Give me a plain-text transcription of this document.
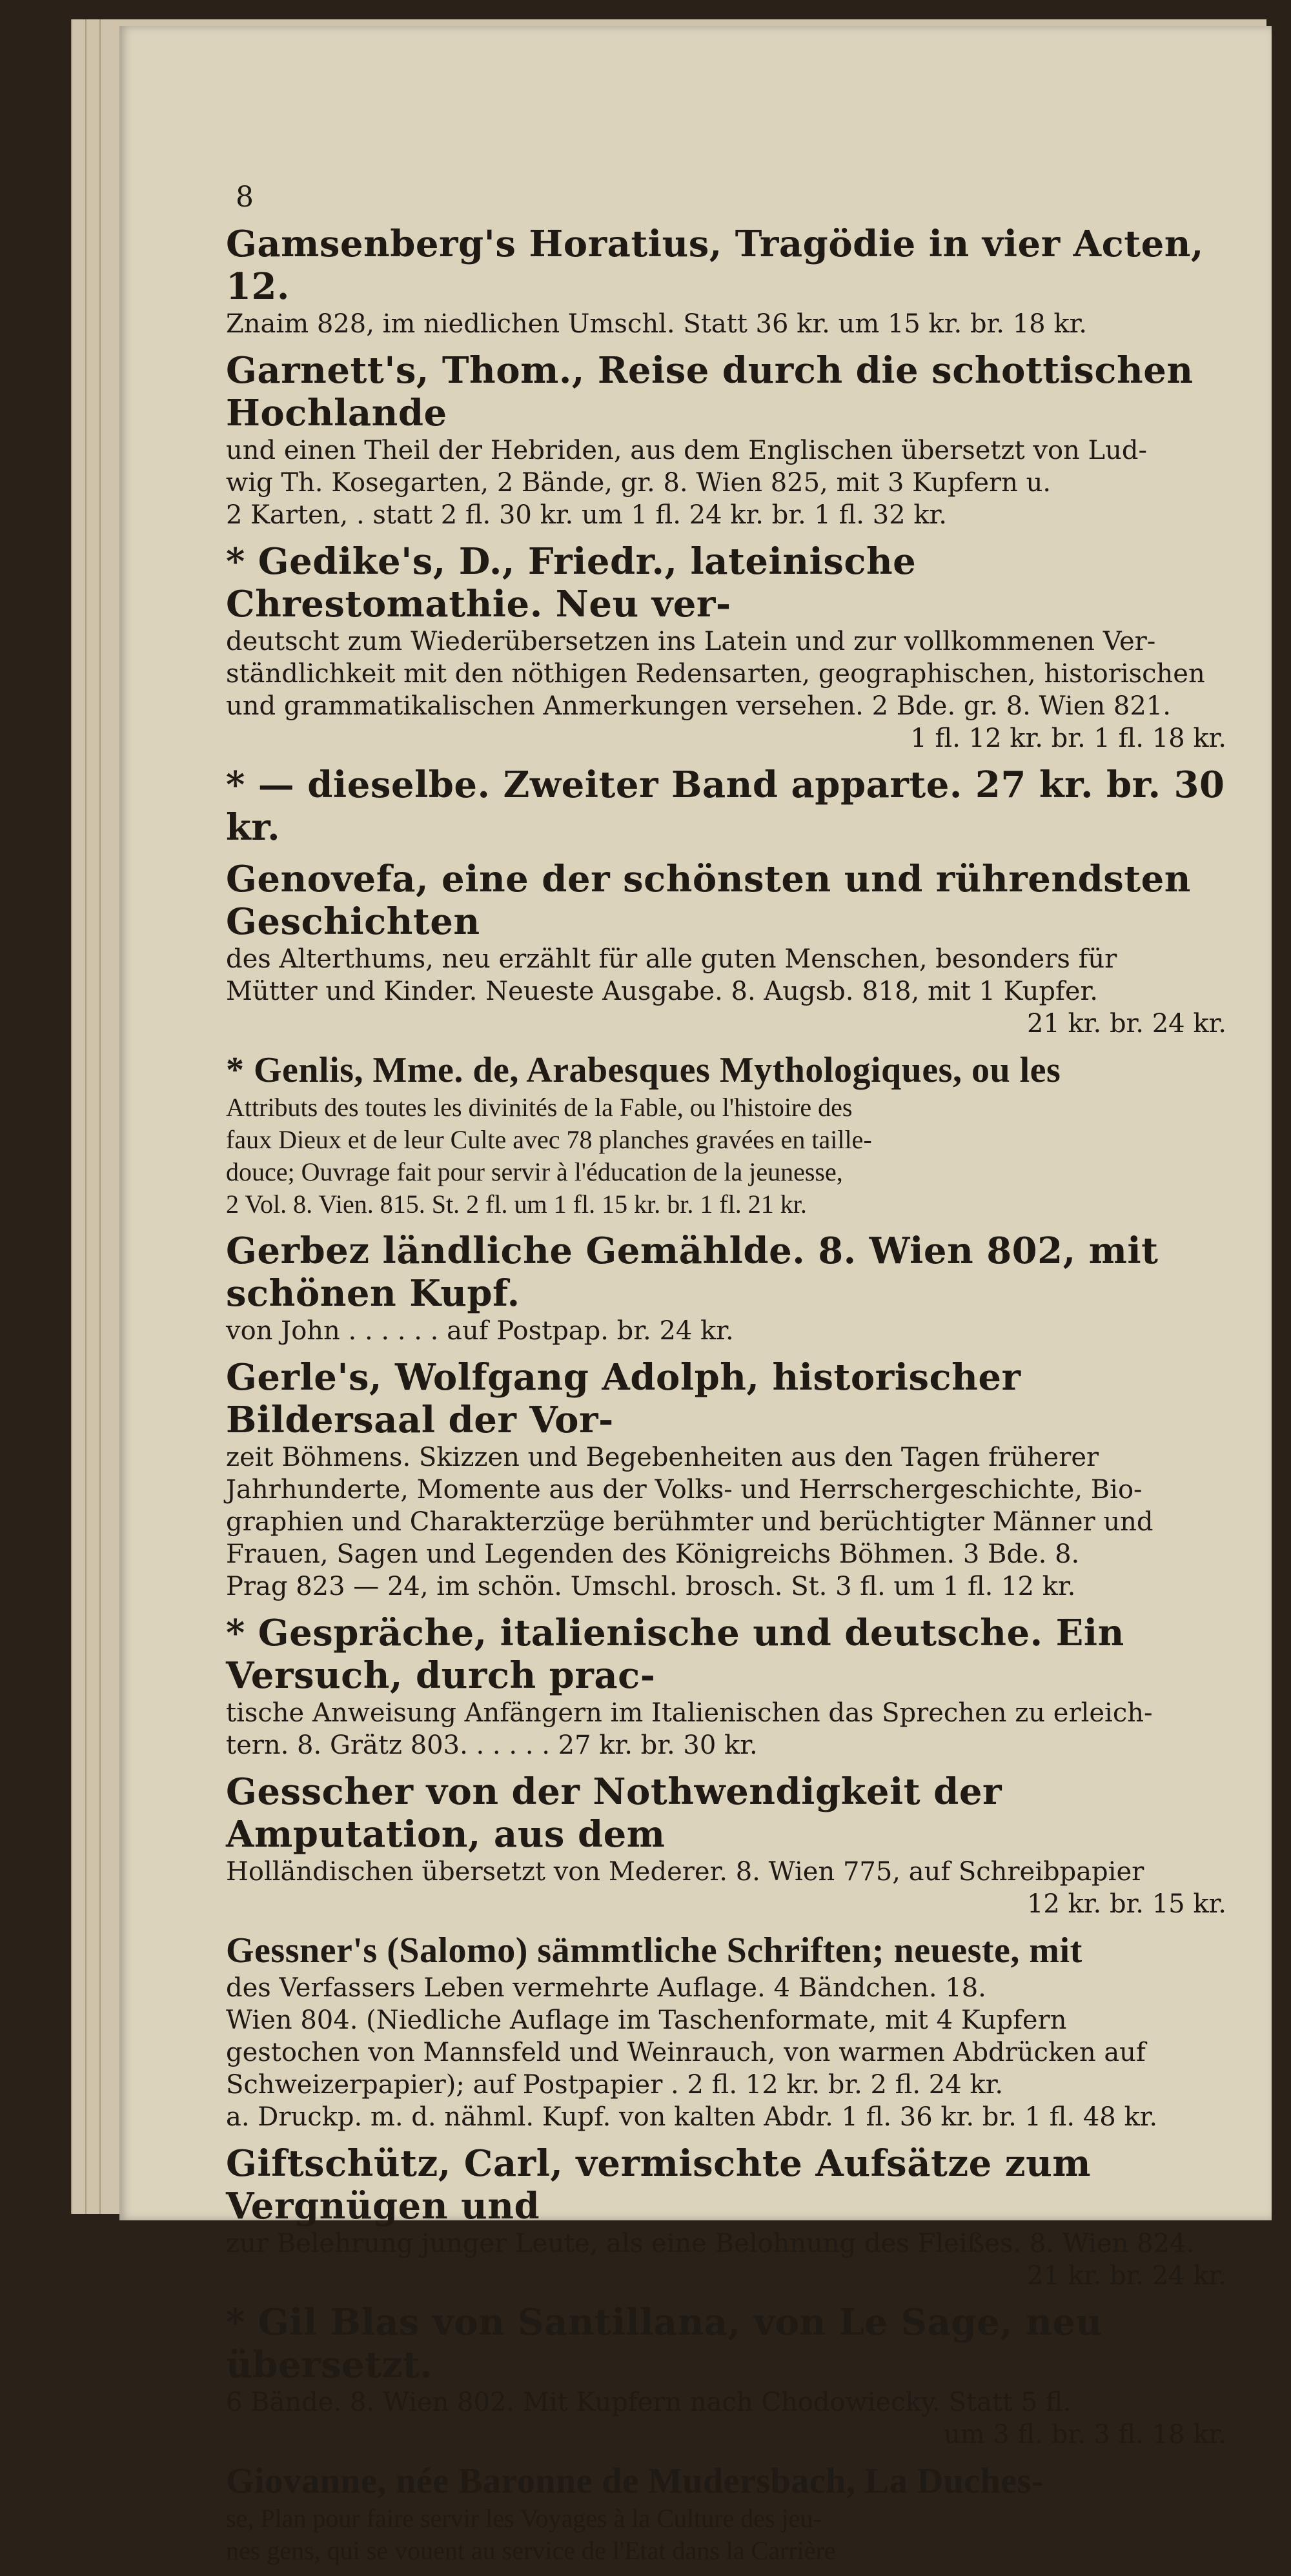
8
Gamsenberg's Horatius, Tragödie in vier Acten, 12.
Znaim 828, im niedlichen Umschl. Statt 36 kr. um 15 kr. br. 18 kr.
Garnett's, Thom., Reise durch die schottischen Hochlande
und einen Theil der Hebriden, aus dem Englischen übersetzt von Lud-
wig Th. Kosegarten, 2 Bände, gr. 8. Wien 825, mit 3 Kupfern u.
2 Karten, . statt 2 fl. 30 kr. um 1 fl. 24 kr. br. 1 fl. 32 kr.
* Gedike's, D., Friedr., lateinische Chrestomathie. Neu ver-
deutscht zum Wiederübersetzen ins Latein und zur vollkommenen Ver-
ständlichkeit mit den nöthigen Redensarten, geographischen, historischen
und grammatikalischen Anmerkungen versehen. 2 Bde. gr. 8. Wien 821.
1 fl. 12 kr. br. 1 fl. 18 kr.
* — dieselbe. Zweiter Band apparte. 27 kr. br. 30 kr.
Genovefa, eine der schönsten und rührendsten Geschichten
des Alterthums, neu erzählt für alle guten Menschen, besonders für
Mütter und Kinder. Neueste Ausgabe. 8. Augsb. 818, mit 1 Kupfer.
21 kr. br. 24 kr.
* Genlis, Mme. de, Arabesques Mythologiques, ou les
Attributs des toutes les divinités de la Fable, ou l'histoire des
faux Dieux et de leur Culte avec 78 planches gravées en taille-
douce; Ouvrage fait pour servir à l'éducation de la jeunesse,
2 Vol. 8. Vien. 815. St. 2 fl. um 1 fl. 15 kr. br. 1 fl. 21 kr.
Gerbez ländliche Gemählde. 8. Wien 802, mit schönen Kupf.
von John . . . . . . auf Postpap. br. 24 kr.
Gerle's, Wolfgang Adolph, historischer Bildersaal der Vor-
zeit Böhmens. Skizzen und Begebenheiten aus den Tagen früherer
Jahrhunderte, Momente aus der Volks- und Herrschergeschichte, Bio-
graphien und Charakterzüge berühmter und berüchtigter Männer und
Frauen, Sagen und Legenden des Königreichs Böhmen. 3 Bde. 8.
Prag 823 — 24, im schön. Umschl. brosch. St. 3 fl. um 1 fl. 12 kr.
* Gespräche, italienische und deutsche. Ein Versuch, durch prac-
tische Anweisung Anfängern im Italienischen das Sprechen zu erleich-
tern. 8. Grätz 803. . . . . . 27 kr. br. 30 kr.
Gesscher von der Nothwendigkeit der Amputation, aus dem
Holländischen übersetzt von Mederer. 8. Wien 775, auf Schreibpapier
12 kr. br. 15 kr.
Gessner's (Salomo) sämmtliche Schriften; neueste, mit
des Verfassers Leben vermehrte Auflage. 4 Bändchen. 18.
Wien 804. (Niedliche Auflage im Taschenformate, mit 4 Kupfern
gestochen von Mannsfeld und Weinrauch, von warmen Abdrücken auf
Schweizerpapier); auf Postpapier . 2 fl. 12 kr. br. 2 fl. 24 kr.
a. Druckp. m. d. nähml. Kupf. von kalten Abdr. 1 fl. 36 kr. br. 1 fl. 48 kr.
Giftschütz, Carl, vermischte Aufsätze zum Vergnügen und
zur Belehrung junger Leute, als eine Belohnung des Fleißes. 8. Wien 824.
21 kr. br. 24 kr.
* Gil Blas von Santillana, von Le Sage, neu übersetzt.
6 Bände. 8. Wien 802. Mit Kupfern nach Chodowiecky. Statt 5 fl.
um 3 fl. br. 3 fl. 18 kr.
Giovanne, née Baronne de Mudersbach, La Duches-
se, Plan pour faire servir les Voyages à la Culture des jeu-
nes gens, qui se vouent au service de l'Etat dans la Carrière
